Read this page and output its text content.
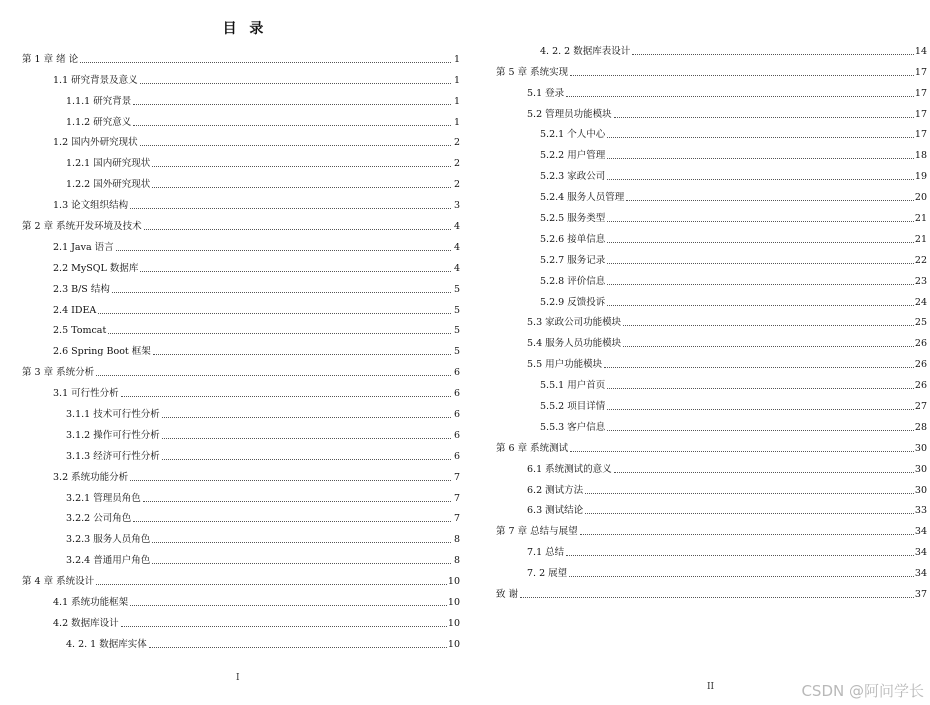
目 录
第 1 章 绪 论	1
1.1 研究背景及意义	1
1.1.1 研究背景	1
1.1.2 研究意义	1
1.2 国内外研究现状	2
1.2.1 国内研究现状	2
1.2.2 国外研究现状	2
1.3 论文组织结构	3
第 2 章 系统开发环境及技术	4
2.1 Java 语言	4
2.2 MySQL 数据库	4
2.3 B/S 结构	5
2.4 IDEA	5
2.5 Tomcat	5
2.6 Spring Boot 框架	5
第 3 章 系统分析	6
3.1 可行性分析	6
3.1.1 技术可行性分析	6
3.1.2 操作可行性分析	6
3.1.3 经济可行性分析	6
3.2 系统功能分析	7
3.2.1 管理员角色	7
3.2.2 公司角色	7
3.2.3 服务人员角色	8
3.2.4 普通用户角色	8
第 4 章 系统设计	10
4.1 系统功能框架	10
4.2 数据库设计	10
4. 2. 1 数据库实体	10
4. 2. 2 数据库表设计	14
第 5 章 系统实现	17
5.1 登录	17
5.2 管理员功能模块	17
5.2.1 个人中心	17
5.2.2 用户管理	18
5.2.3 家政公司	19
5.2.4 服务人员管理	20
5.2.5 服务类型	21
5.2.6 接单信息	21
5.2.7 服务记录	22
5.2.8 评价信息	23
5.2.9 反馈投诉	24
5.3 家政公司功能模块	25
5.4 服务人员功能模块	26
5.5 用户功能模块	26
5.5.1 用户首页	26
5.5.2 项目详情	27
5.5.3 客户信息	28
第 6 章 系统测试	30
6.1 系统测试的意义	30
6.2 测试方法	30
6.3 测试结论	33
第 7 章 总结与展望	34
7.1 总结	34
7. 2 展望	34
致 谢	37
I
II	CSDN @阿问学长
